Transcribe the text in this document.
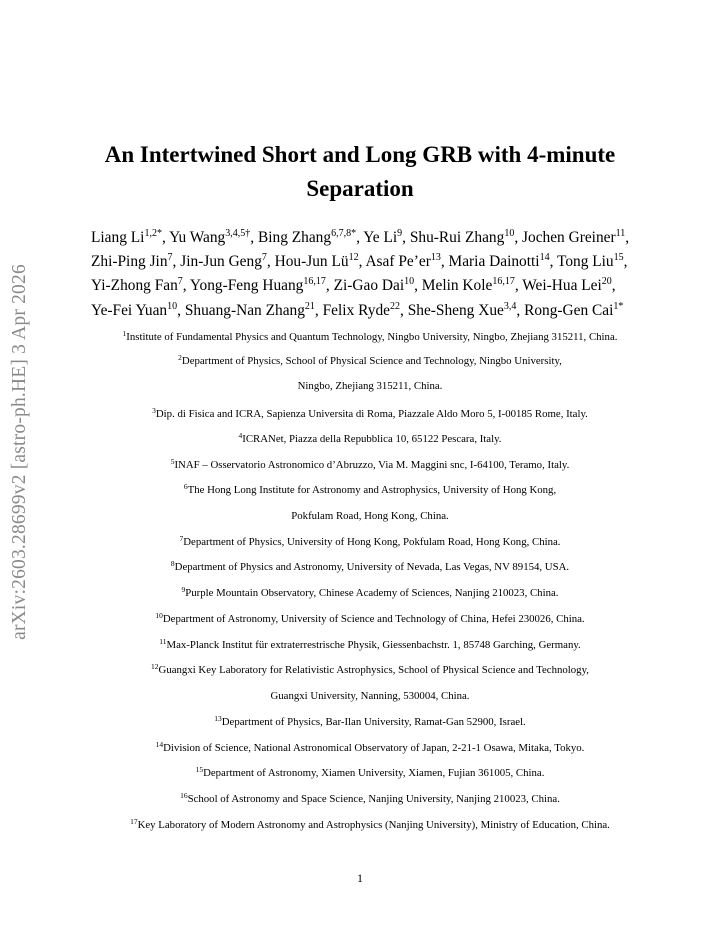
arXiv:2603.28699v2 [astro-ph.HE] 3 Apr 2026
An Intertwined Short and Long GRB with 4-minute
Separation
Liang $Li^{1,2*}$, Yu Wang$^{3,4,5\dagger}$, Bing Zhang$^{6,7,8*}$, Ye Li$^9$, Shu-Rui Zhang$^{10}$, Jochen Greiner$^{11}$,
Zhi-Ping Jin$^7$, Jin-Jun Geng$^7$, Hou-Jun $Lü^{12}$, Asaf $Pe’er^{13}$, Maria Dainotti$^{14}$, Tong Liu$^{15}$,
Yi-Zhong Fan$^7$, Yong-Feng Huang$^{16,17}$, Zi-Gao Dai$^{10}$, Melin Kole$^{16,17}$, Wei-Hua Lei$^{20}$,
Ye-Fei Yuan$^{10}$, Shuang-Nan Zhang$^{21}$, Felix Ryde$^{22}$, She-Sheng Xue$^{3,4}$, Rong-Gen Cai$^{1*}$
$^1$Institute of Fundamental Physics and Quantum Technology, Ningbo University, Ningbo, Zhejiang 315211, China.
$^2$Department of Physics, School of Physical Science and Technology, Ningbo University,
Ningbo, Zhejiang 315211, China.
$^3$Dip. di Fisica and ICRA, Sapienza Universita di Roma, Piazzale Aldo Moro 5, I-00185 Rome, Italy.
$^4$ICRANet, Piazza della Repubblica 10, 65122 Pescara, Italy.
$^5$INAF – Osservatorio Astronomico d’Abruzzo, Via M. Maggini snc, I-64100, Teramo, Italy.
$^6$The Hong Long Institute for Astronomy and Astrophysics, University of Hong Kong,
Pokfulam Road, Hong Kong, China.
$^7$Department of Physics, University of Hong Kong, Pokfulam Road, Hong Kong, China.
$^8$Department of Physics and Astronomy, University of Nevada, Las Vegas, NV 89154, USA.
$^9$Purple Mountain Observatory, Chinese Academy of Sciences, Nanjing 210023, China.
$^{10}$Department of Astronomy, University of Science and Technology of China, Hefei 230026, China.
$^{11}$Max-Planck Institut für extraterrestrische Physik, Giessenbachstr. 1, 85748 Garching, Germany.
$^{12}$Guangxi Key Laboratory for Relativistic Astrophysics, School of Physical Science and Technology,
Guangxi University, Nanning, 530004, China.
$^{13}$Department of Physics, Bar-Ilan University, Ramat-Gan 52900, Israel.
$^{14}$Division of Science, National Astronomical Observatory of Japan, 2-21-1 Osawa, Mitaka, Tokyo.
$^{15}$Department of Astronomy, Xiamen University, Xiamen, Fujian 361005, China.
$^{16}$School of Astronomy and Space Science, Nanjing University, Nanjing 210023, China.
$^{17}$Key Laboratory of Modern Astronomy and Astrophysics (Nanjing University), Ministry of Education, China.
1
